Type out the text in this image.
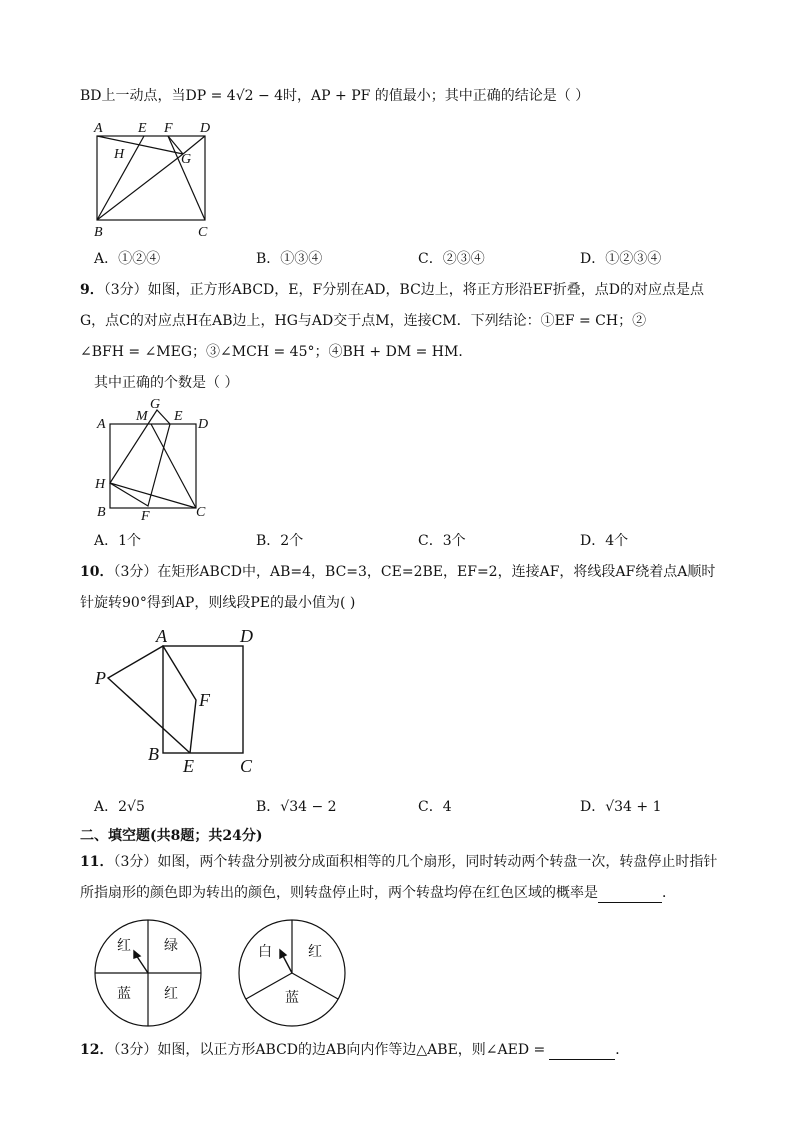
BD上一动点，当DP = 4√2 − 4时，AP + PF 的值最小；其中正确的结论是（ ）
A	E F D
H	G
B	C
A．①②④	B．①③④	C．②③④	D．①②③④
9．（3分）如图，正方形ABCD，E，F分别在AD，BC边上，将正方形沿EF折叠，点D的对应点是点
G，点C的对应点H在AB边上，HG与AD交于点M，连接CM．下列结论：①EF = CH；②
∠BFH = ∠MEG；③∠MCH = 45°；④BH + DM = HM．
其中正确的个数是（ ）
G
M E
A	D
H
B	F	C
A．1个	B．2个	C．3个	D．4个
10．（3分）在矩形ABCD中，AB=4，BC=3，CE=2BE，EF=2，连接AF，将线段AF绕着点A顺时
针旋转90°得到AP，则线段PE的最小值为( )
A	D
P
F
B
E	C
A．2√5	B．√34 − 2	C．4	D．√34 + 1
二、填空题(共8题；共24分)
11．（3分）如图，两个转盘分别被分成面积相等的几个扇形，同时转动两个转盘一次，转盘停止时指针
所指扇形的颜色即为转出的颜色，则转盘停止时，两个转盘均停在红色区域的概率是	．
红 绿
蓝 红
白	红
蓝
12．（3分）如图，以正方形ABCD的边AB向内作等边△ABE，则∠AED =	．
